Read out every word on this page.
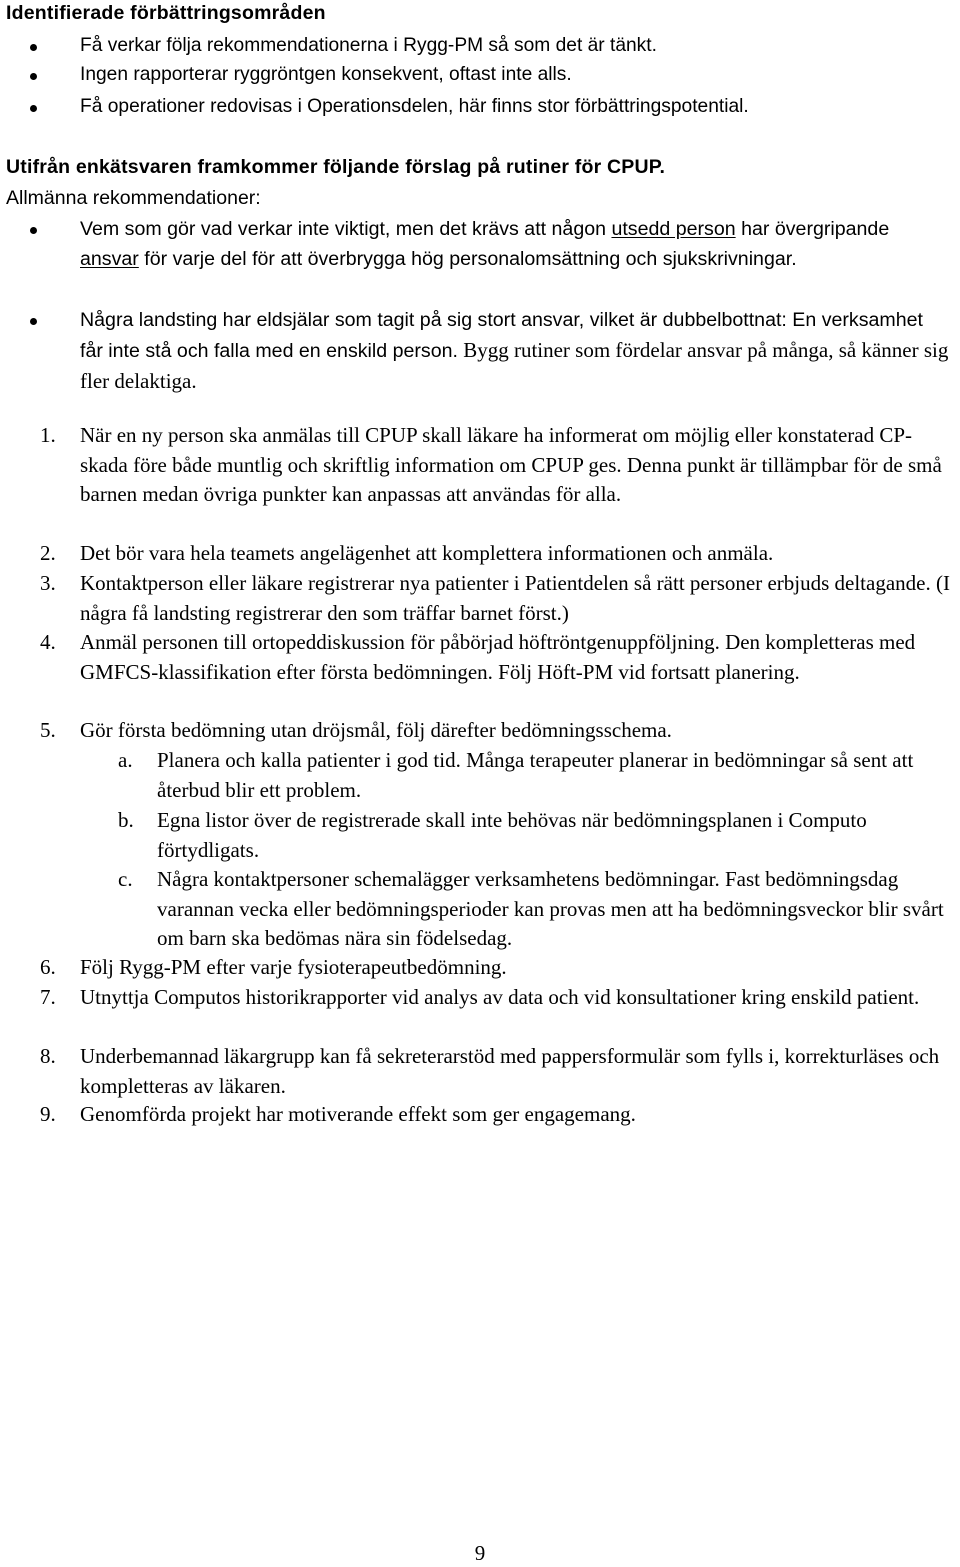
Identifierade förbättringsområden
Få verkar följa rekommendationerna i Rygg-PM så som det är tänkt.
Ingen rapporterar ryggröntgen konsekvent, oftast inte alls.
Få operationer redovisas i Operationsdelen, här finns stor förbättringspotential.
Utifrån enkätsvaren framkommer följande förslag på rutiner för CPUP.
Allmänna rekommendationer:
Vem som gör vad verkar inte viktigt, men det krävs att någon utsedd person har övergripande ansvar för varje del för att överbrygga hög personalomsättning och sjukskrivningar.
Några landsting har eldsjälar som tagit på sig stort ansvar, vilket är dubbelbottnat: En verksamhet får inte stå och falla med en enskild person. Bygg rutiner som fördelar ansvar på många, så känner sig fler delaktiga.
1. När en ny person ska anmälas till CPUP skall läkare ha informerat om möjlig eller konstaterad CP-skada före både muntlig och skriftlig information om CPUP ges. Denna punkt är tillämpbar för de små barnen medan övriga punkter kan anpassas att användas för alla.
2. Det bör vara hela teamets angelägenhet att komplettera informationen och anmäla.
3. Kontaktperson eller läkare registrerar nya patienter i Patientdelen så rätt personer erbjuds deltagande. (I några få landsting registrerar den som träffar barnet först.)
4. Anmäl personen till ortopeddiskussion för påbörjad höftröntgenuppföljning. Den kompletteras med GMFCS-klassifikation efter första bedömningen. Följ Höft-PM vid fortsatt planering.
5. Gör första bedömning utan dröjsmål, följ därefter bedömningsschema.
a. Planera och kalla patienter i god tid. Många terapeuter planerar in bedömningar så sent att återbud blir ett problem.
b. Egna listor över de registrerade skall inte behövas när bedömningsplanen i Computo förtydligats.
c. Några kontaktpersoner schemalägger verksamhetens bedömningar. Fast bedömningsdag varannan vecka eller bedömningsperioder kan provas men att ha bedömningsveckor blir svårt om barn ska bedömas nära sin födelsedag.
6. Följ Rygg-PM efter varje fysioterapeutbedömning.
7. Utnyttja Computos historikrapporter vid analys av data och vid konsultationer kring enskild patient.
8. Underbemannad läkargrupp kan få sekreterarstöd med pappersformulär som fylls i, korrekturläses och kompletteras av läkaren.
9. Genomförda projekt har motiverande effekt som ger engagemang.
9
